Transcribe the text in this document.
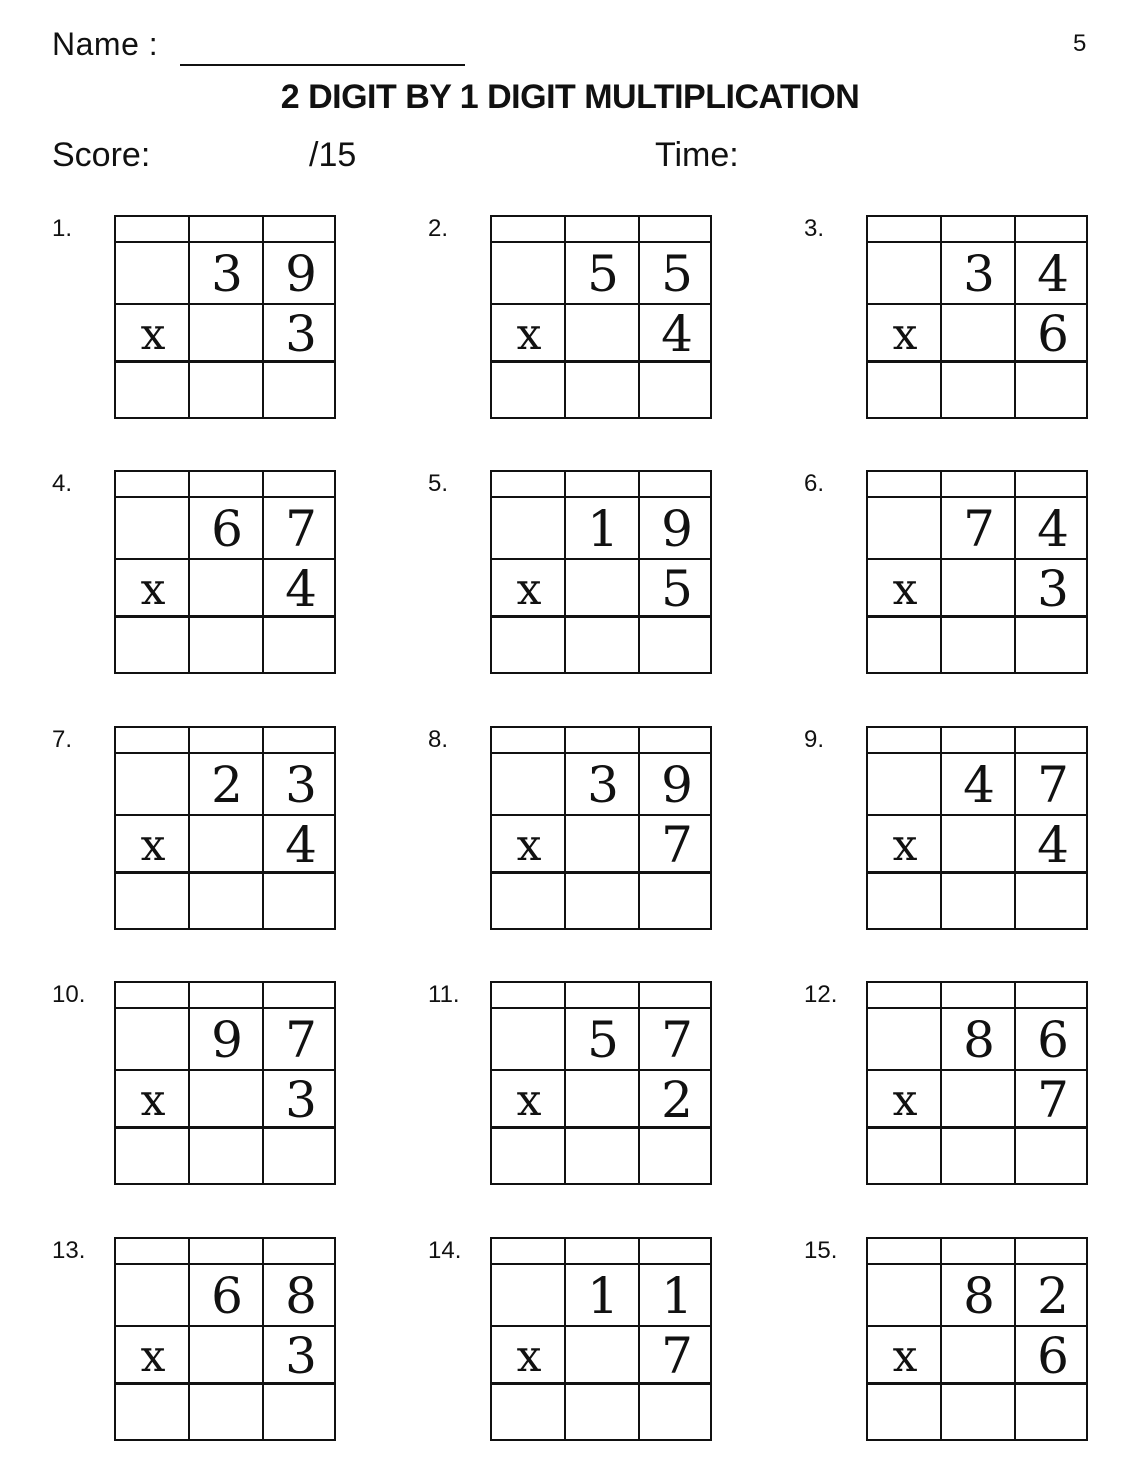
Name :	5
2 DIGIT BY 1 DIGIT MULTIPLICATION
Score:	/15	Time:
1.
3 9
x	3
2.
5 5
x	4
3.
3 4
x	6
4.
6 7
x	4
5.
1 9
x	5
6.
7 4
x	3
7.
2 3
x	4
8.
3 9
x	7
9.
4 7
x	4
10.
9 7
x	3
11.
5 7
x	2
12.
8 6
x	7
13.
6 8
x	3
14.
1 1
x	7
15.
8 2
x	6
